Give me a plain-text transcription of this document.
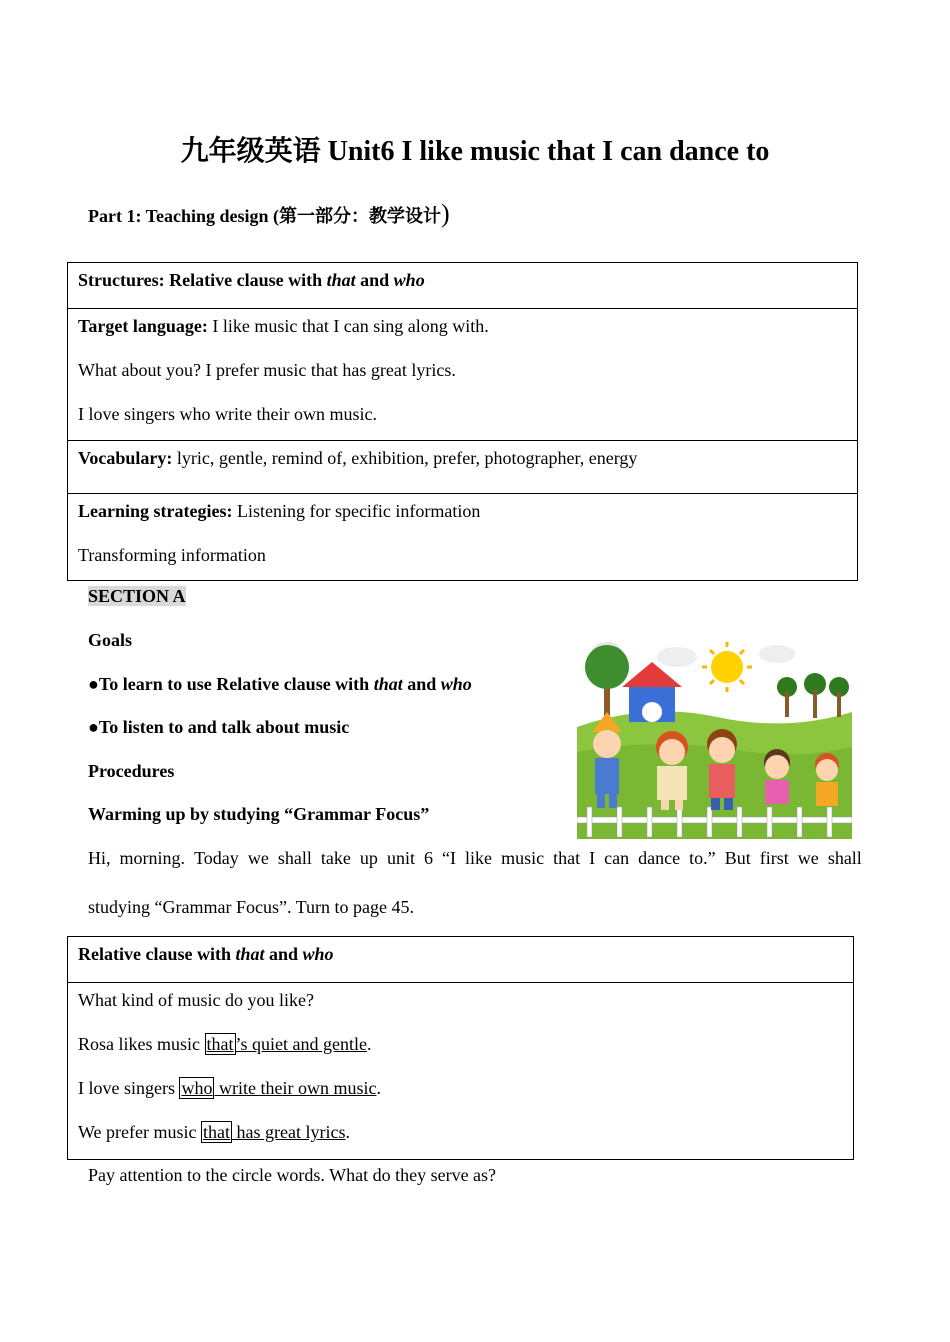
九年级英语 Unit6 I like music that I can dance to
Part 1: Teaching design (第一部分：教学设计)
Structures: Relative clause with that and who
Target language: I like music that I can sing along with.
What about you? I prefer music that has great lyrics.
I love singers who write their own music.
Vocabulary: lyric, gentle, remind of, exhibition, prefer, photographer, energy
Learning strategies: Listening for specific information
Transforming information
SECTION A
Goals
●To learn to use Relative clause with that and who
●To listen to and talk about music
Procedures
Warming up by studying “Grammar Focus”
Hi, morning. Today we shall take up unit 6 “I like music that I can dance to.” But first we shall
studying “Grammar Focus”. Turn to page 45.
Relative clause with that and who
What kind of music do you like?
Rosa likes music that ’s quiet and gentle.
I love singers who write their own music.
We prefer music that has great lyrics.
Pay attention to the circle words. What do they serve as?
